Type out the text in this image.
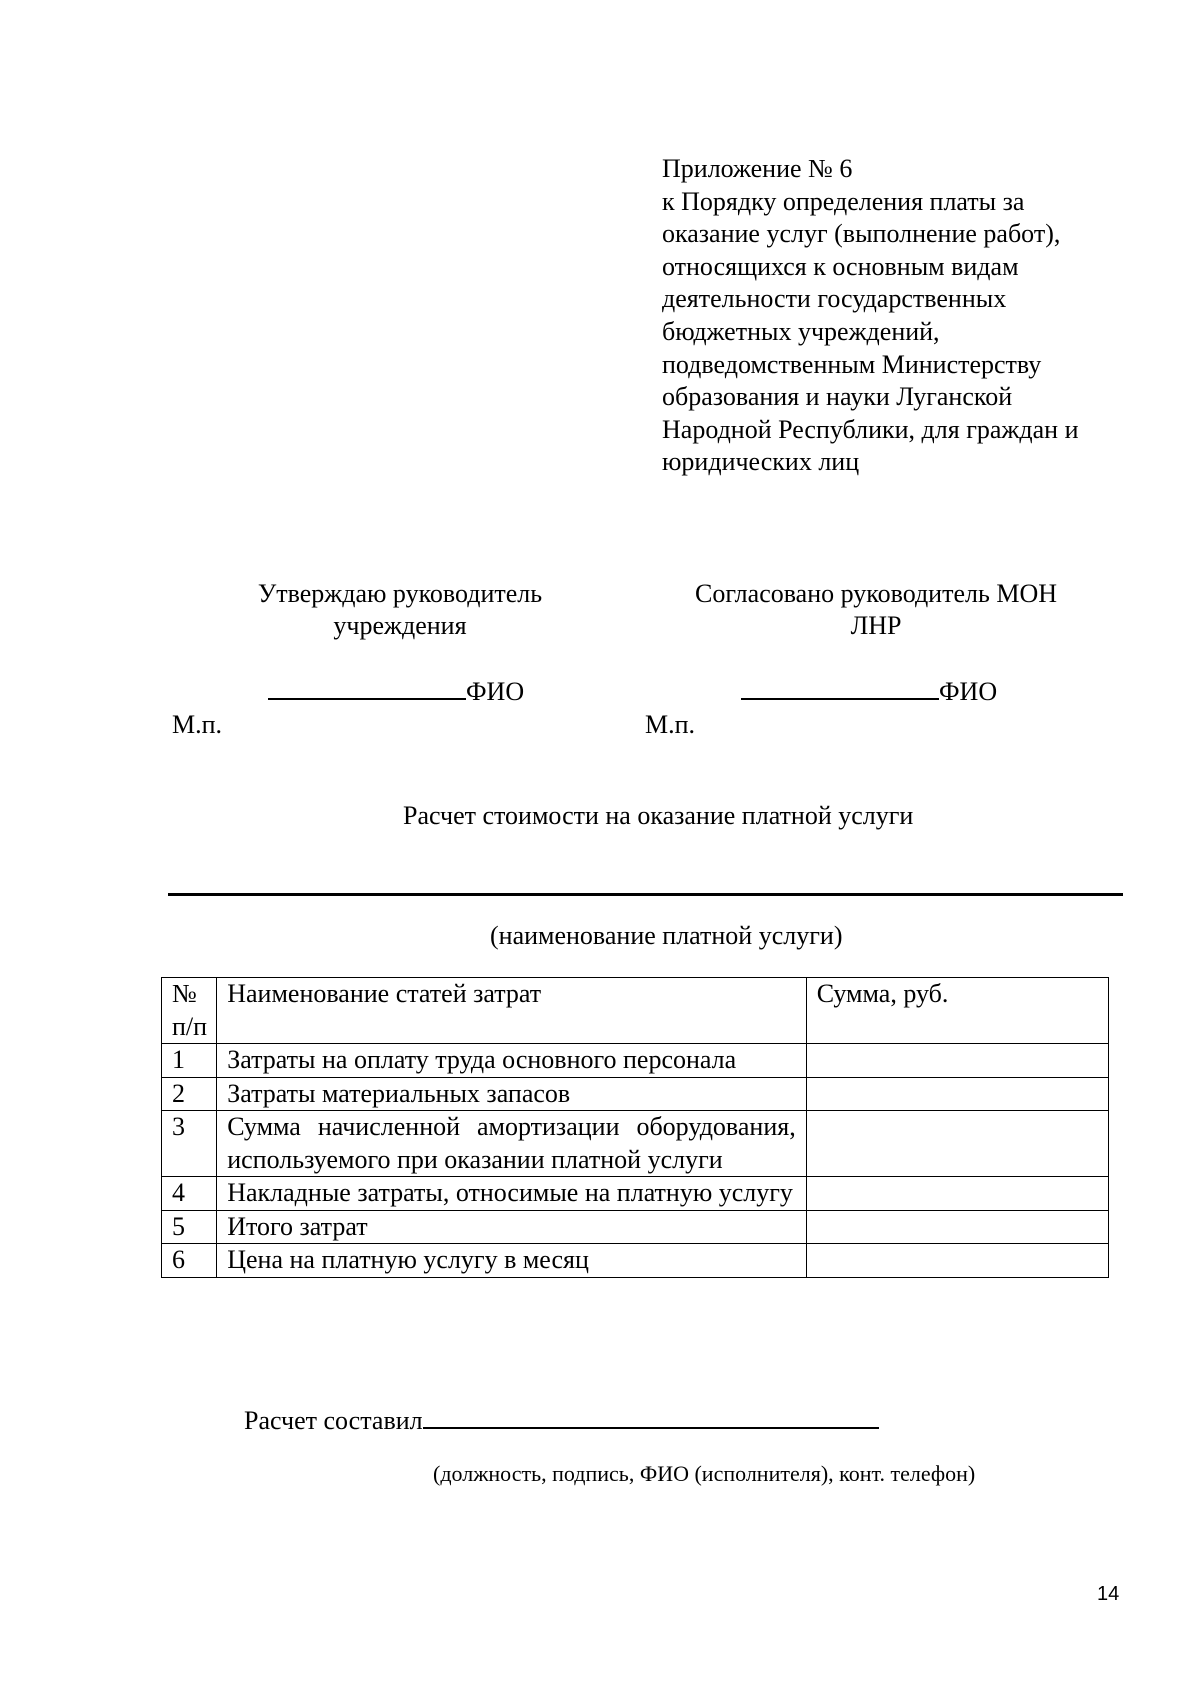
Приложение № 6
к Порядку определения платы за
оказание услуг (выполнение работ),
относящихся к основным видам
деятельности государственных
бюджетных учреждений,
подведомственным Министерству
образования и науки Луганской
Народной Республики, для граждан и
юридических лиц
Утверждаю руководитель
учреждения
Согласовано руководитель МОН
ЛНР
ФИО	ФИО
М.п.	М.п.
Расчет стоимости на оказание платной услуги
(наименование платной услуги)
№ п/п	Наименование статей затрат	Сумма, руб.
1	Затраты на оплату труда основного персонала	
2	Затраты материальных запасов	
3	Сумма начисленной амортизации оборудования, используемого при оказании платной услуги	
4	Накладные затраты, относимые на платную услугу	
5	Итого затрат	
6	Цена на платную услугу в месяц	
Расчет составил
(должность, подпись, ФИО (исполнителя), конт. телефон)
14
